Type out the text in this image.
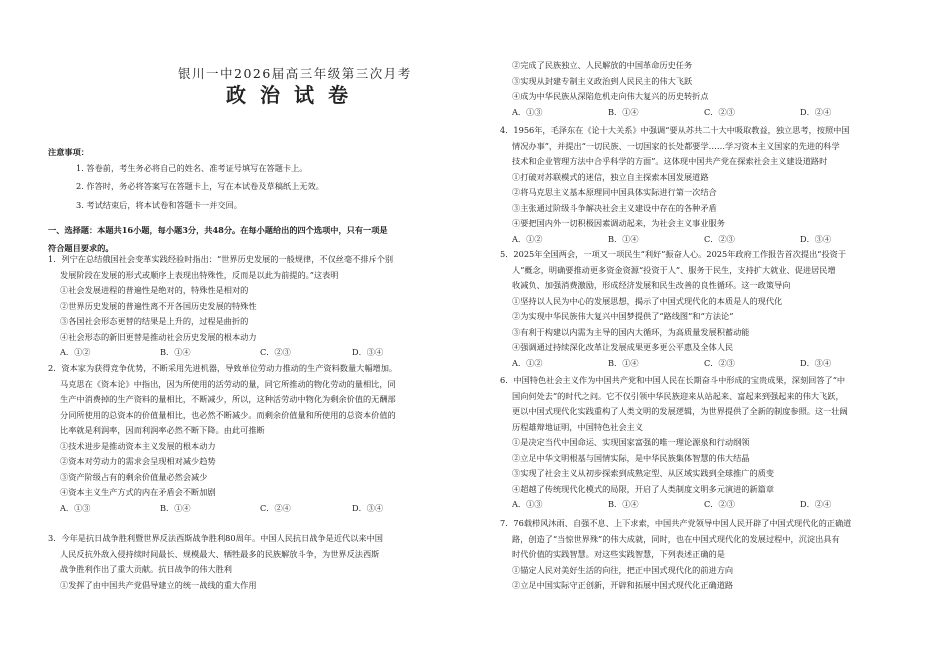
银川一中2026届高三年级第三次月考
政治试卷
注意事项：
1. 答卷前，考生务必将自己的姓名、准考证号填写在答题卡上。
2. 作答时，务必将答案写在答题卡上，写在本试卷及草稿纸上无效。
3. 考试结束后，将本试卷和答题卡一并交回。
一、选择题：本题共16小题，每小题3分，共48分。在每小题给出的四个选项中，只有一项是
符合题目要求的。
1．列宁在总结俄国社会变革实践经验时指出：“世界历史发展的一般规律，不仅丝毫不排斥个别
发展阶段在发展的形式或顺序上表现出特殊性，反而是以此为前提的。”这表明
①社会发展进程的普遍性是绝对的，特殊性是相对的
②世界历史发展的普遍性离不开各国历史发展的特殊性
③各国社会形态更替的结果是上升的，过程是曲折的
④社会形态的新旧更替是推动社会历史发展的根本动力
A．①②	B．①④	C．②③	D．③④
2．资本家为获得竞争优势，不断采用先进机器，导致单位劳动力推动的生产资料数量大幅增加。
马克思在《资本论》中指出，因为所使用的活劳动的量，同它所推动的物化劳动的量相比，同
生产中消费掉的生产资料的量相比，不断减少，所以，这种活劳动中物化为剩余价值的无酬部
分同所使用的总资本的价值量相比，也必然不断减少。而剩余价值量和所使用的总资本价值的
比率就是利润率，因而利润率必然不断下降。由此可推断
①技术进步是推动资本主义发展的根本动力
②资本对劳动力的需求会呈现相对减少趋势
③资产阶级占有的剩余价值量必然会减少
④资本主义生产方式的内在矛盾会不断加剧
A．①③	B．①④	C．②④	D．③④
3．今年是抗日战争胜利暨世界反法西斯战争胜利80周年。中国人民抗日战争是近代以来中国
人民反抗外敌入侵持续时间最长、规模最大、牺牲最多的民族解放斗争，为世界反法西斯
战争胜利作出了重大贡献。抗日战争的伟大胜利
①发挥了由中国共产党倡导建立的统一战线的重大作用
②完成了民族独立、人民解放的中国革命历史任务
③实现从封建专制主义政治到人民民主的伟大飞跃
④成为中华民族从深陷危机走向伟大复兴的历史转折点
A．①③	B．①④	C．②③	D．②④
4．1956年，毛泽东在《论十大关系》中强调“要从苏共二十大中吸取教益，独立思考，按照中国
情况办事”，并提出“一切民族、一切国家的长处都要学……学习资本主义国家的先进的科学
技术和企业管理方法中合乎科学的方面”。这体现中国共产党在探索社会主义建设道路时
①打破对苏联模式的迷信，独立自主探索本国发展道路
②将马克思主义基本原理同中国具体实际进行第一次结合
③主张通过阶级斗争解决社会主义建设中存在的各种矛盾
④要把国内外一切积极因素调动起来，为社会主义事业服务
A．①②	B．①④	C．②③	D．③④
5．2025年全国两会，一项又一项民生“利好”振奋人心。2025年政府工作报告首次提出“投资于
人”概念，明确要推动更多资金资源“投资于人”、服务于民生，支持扩大就业、促进居民增
收减负、加强消费激励，形成经济发展和民生改善的良性循环。这一政策导向
①坚持以人民为中心的发展思想，揭示了中国式现代化的本质是人的现代化
②为实现中华民族伟大复兴中国梦提供了“路线图”和“方法论”
③有利于构建以内需为主导的国内大循环，为高质量发展积蓄动能
④强调通过持续深化改革让发展成果更多更公平惠及全体人民
A．①②	B．①④	C．②③	D．③④
6．中国特色社会主义作为中国共产党和中国人民在长期奋斗中形成的宝贵成果，深刻回答了“中
国向何处去”的时代之问。它不仅引领中华民族迎来从站起来、富起来到强起来的伟大飞跃，
更以中国式现代化实践重构了人类文明的发展逻辑，为世界提供了全新的制度参照。这一壮阔
历程雄辩地证明，中国特色社会主义
①是决定当代中国命运、实现国家富强的唯一理论源泉和行动纲领
②立足中华文明根基与国情实际，是中华民族集体智慧的伟大结晶
③实现了社会主义从初步探索到成熟定型、从区域实践到全球推广的质变
④超越了传统现代化模式的局限，开启了人类制度文明多元演进的新篇章
A．①③	B．①④	C．②③	D．②④
7．76载栉风沐雨、自强不息、上下求索，中国共产党领导中国人民开辟了中国式现代化的正确道
路，创造了“当惊世界殊”的伟大成就，同时，也在中国式现代化的发展过程中，沉淀出具有
时代价值的实践智慧。对这些实践智慧，下列表述正确的是
①锚定人民对美好生活的向往，把正中国式现代化的前进方向
②立足中国实际守正创新，开辟和拓展中国式现代化正确道路
